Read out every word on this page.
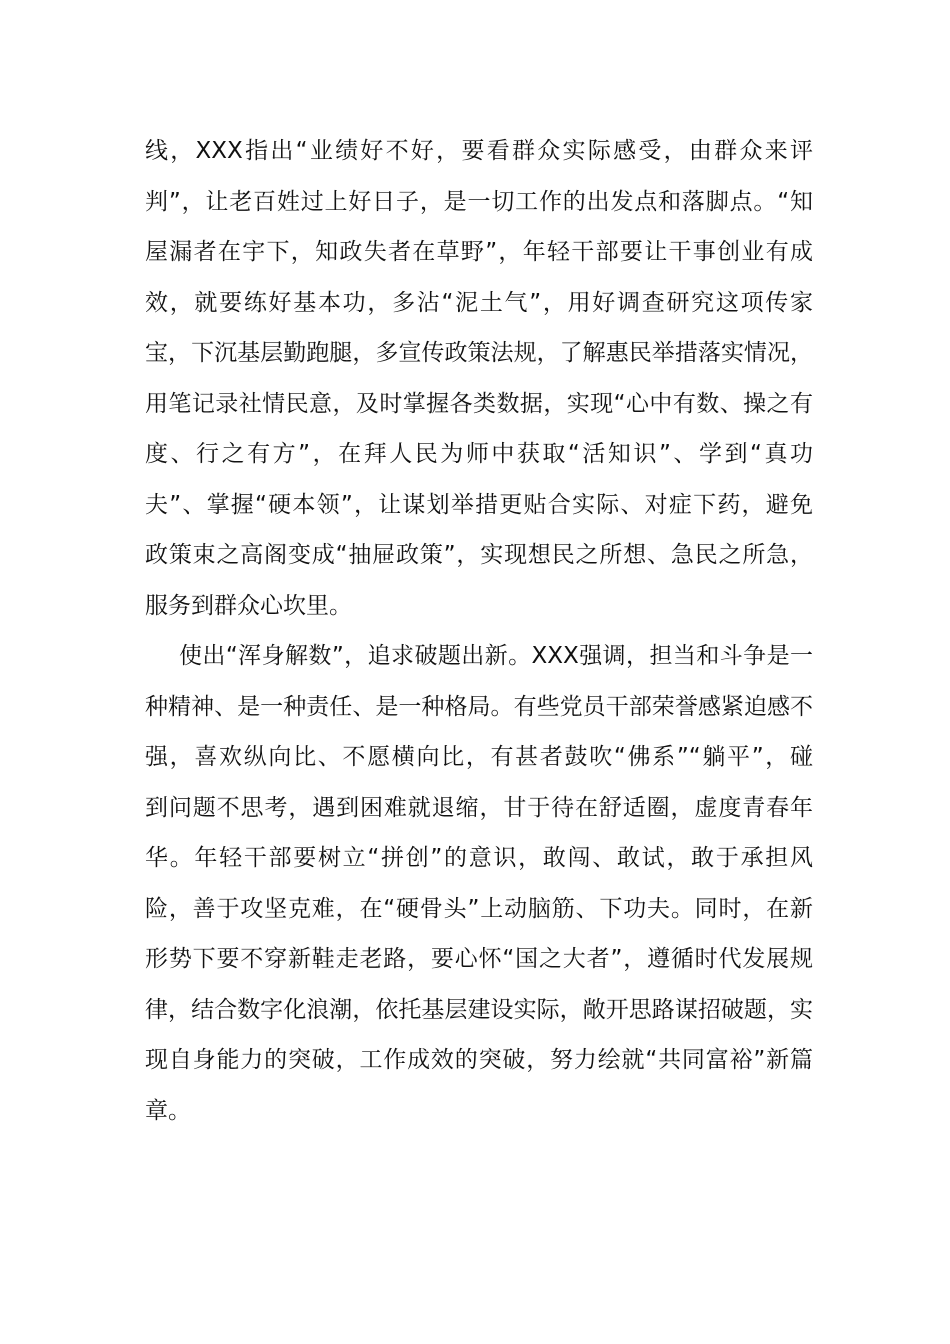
线，XXX指出“业绩好不好，要看群众实际感受，由群众来评
判”，让老百姓过上好日子，是一切工作的出发点和落脚点。“知
屋漏者在宇下，知政失者在草野”，年轻干部要让干事创业有成
效，就要练好基本功，多沾“泥土气”，用好调查研究这项传家
宝，下沉基层勤跑腿，多宣传政策法规，了解惠民举措落实情况，
用笔记录社情民意，及时掌握各类数据，实现“心中有数、操之有
度、行之有方”，在拜人民为师中获取“活知识”、学到“真功
夫”、掌握“硬本领”，让谋划举措更贴合实际、对症下药，避免
政策束之高阁变成“抽屉政策”，实现想民之所想、急民之所急，
服务到群众心坎里。
使出“浑身解数”，追求破题出新。XXX强调，担当和斗争是一
种精神、是一种责任、是一种格局。有些党员干部荣誉感紧迫感不
强，喜欢纵向比、不愿横向比，有甚者鼓吹“佛系”“躺平”，碰
到问题不思考，遇到困难就退缩，甘于待在舒适圈，虚度青春年
华。年轻干部要树立“拼创”的意识，敢闯、敢试，敢于承担风
险，善于攻坚克难，在“硬骨头”上动脑筋、下功夫。同时，在新
形势下要不穿新鞋走老路，要心怀“国之大者”，遵循时代发展规
律，结合数字化浪潮，依托基层建设实际，敞开思路谋招破题，实
现自身能力的突破，工作成效的突破，努力绘就“共同富裕”新篇
章。
